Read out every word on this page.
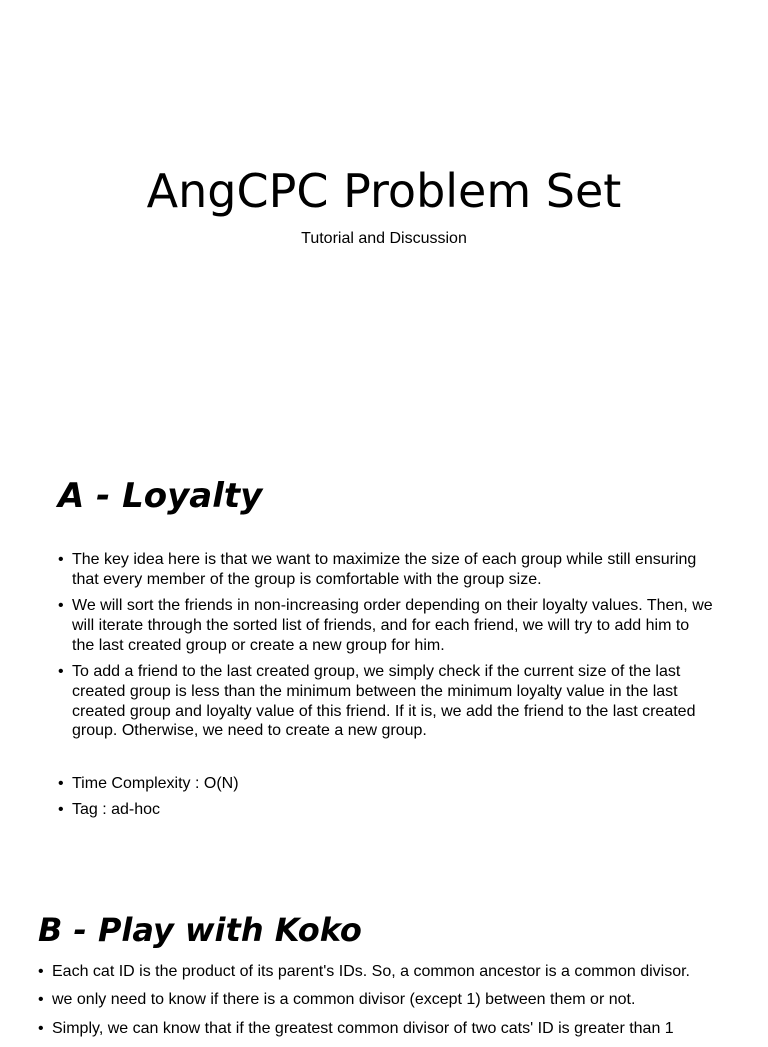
AngCPC Problem Set
Tutorial and Discussion
A - Loyalty
• The key idea here is that we want to maximize the size of each group while still ensuring that every member of the group is comfortable with the group size.
• We will sort the friends in non-increasing order depending on their loyalty values. Then, we will iterate through the sorted list of friends, and for each friend, we will try to add him to the last created group or create a new group for him.
• To add a friend to the last created group, we simply check if the current size of the last created group is less than the minimum between the minimum loyalty value in the last created group and loyalty value of this friend. If it is, we add the friend to the last created group. Otherwise, we need to create a new group.
• Time Complexity : O(N)
• Tag : ad-hoc
B - Play with Koko
• Each cat ID is the product of its parent's IDs. So, a common ancestor is a common divisor.
• we only need to know if there is a common divisor (except 1) between them or not.
• Simply, we can know that if the greatest common divisor of two cats' ID is greater than 1
